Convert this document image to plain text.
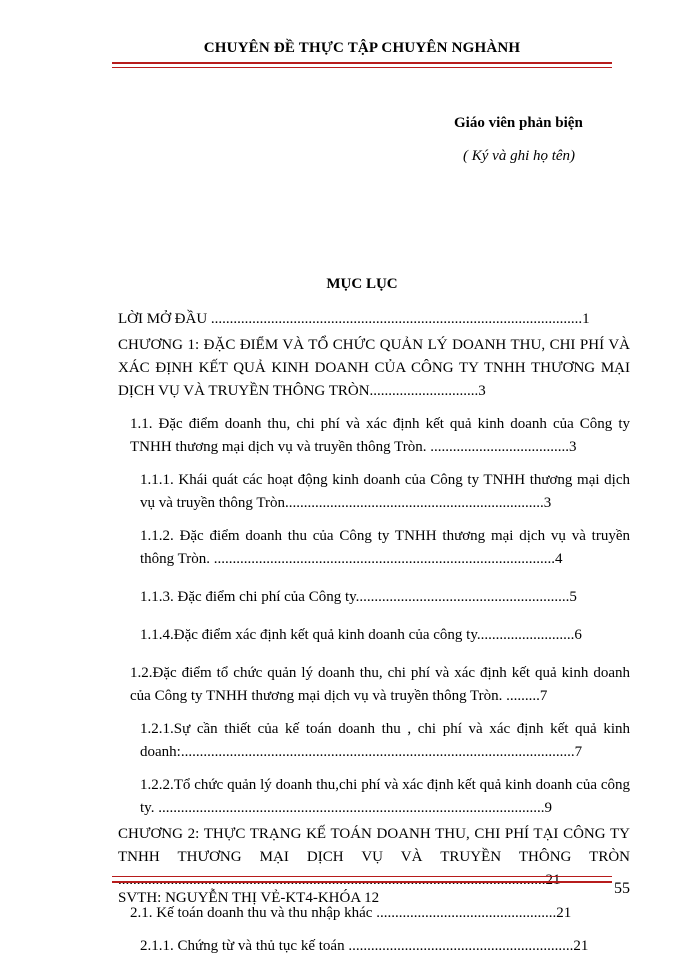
CHUYÊN ĐỀ THỰC TẬP CHUYÊN NGHÀNH
Giáo viên phản biện
( Ký và ghi họ tên)
MỤC LỤC
LỜI MỞ ĐẦU ...................................................................................................1
CHƯƠNG 1: ĐẶC ĐIỂM VÀ TỔ CHỨC QUẢN LÝ DOANH THU, CHI PHÍ VÀ XÁC ĐỊNH KẾT QUẢ KINH DOANH CỦA CÔNG TY TNHH THƯƠNG MẠI DỊCH VỤ VÀ TRUYỀN THÔNG TRÒN.............................3
1.1. Đặc điểm doanh thu, chi phí và xác định kết quả kinh doanh của Công ty TNHH thương mại dịch vụ và truyền thông Tròn. .....................................3
1.1.1. Khái quát các hoạt động kinh doanh của Công ty TNHH thương mại dịch vụ và truyền thông Tròn.....................................................................3
1.1.2. Đặc điểm doanh thu của Công ty TNHH thương mại dịch vụ và truyền thông Tròn. ...........................................................................................4
1.1.3. Đặc điểm chi phí của Công ty.........................................................5
1.1.4.Đặc điểm xác định kết quả kinh doanh của công ty..........................6
1.2.Đặc điểm tổ chức quản lý doanh thu, chi phí và xác định kết quả kinh doanh của Công ty TNHH thương mại dịch vụ và truyền thông Tròn. .........7
1.2.1.Sự cần thiết của kế toán doanh thu , chi phí và xác định kết quả kinh doanh:.........................................................................................................7
1.2.2.Tổ chức quản lý doanh thu,chi phí và xác định kết quả kinh doanh của công ty. .......................................................................................................9
CHƯƠNG 2: THỰC TRẠNG KẾ TOÁN DOANH THU, CHI PHÍ TẠI CÔNG TY TNHH THƯƠNG MẠI DỊCH VỤ VÀ TRUYỀN THÔNG TRÒN ..................................................................................................................21
2.1. Kế toán doanh thu và thu nhập khác ................................................21
2.1.1. Chứng từ và thủ tục kế toán ............................................................21
SVTH: NGUYỄN THỊ VẺ-KT4-KHÓA 12
55
